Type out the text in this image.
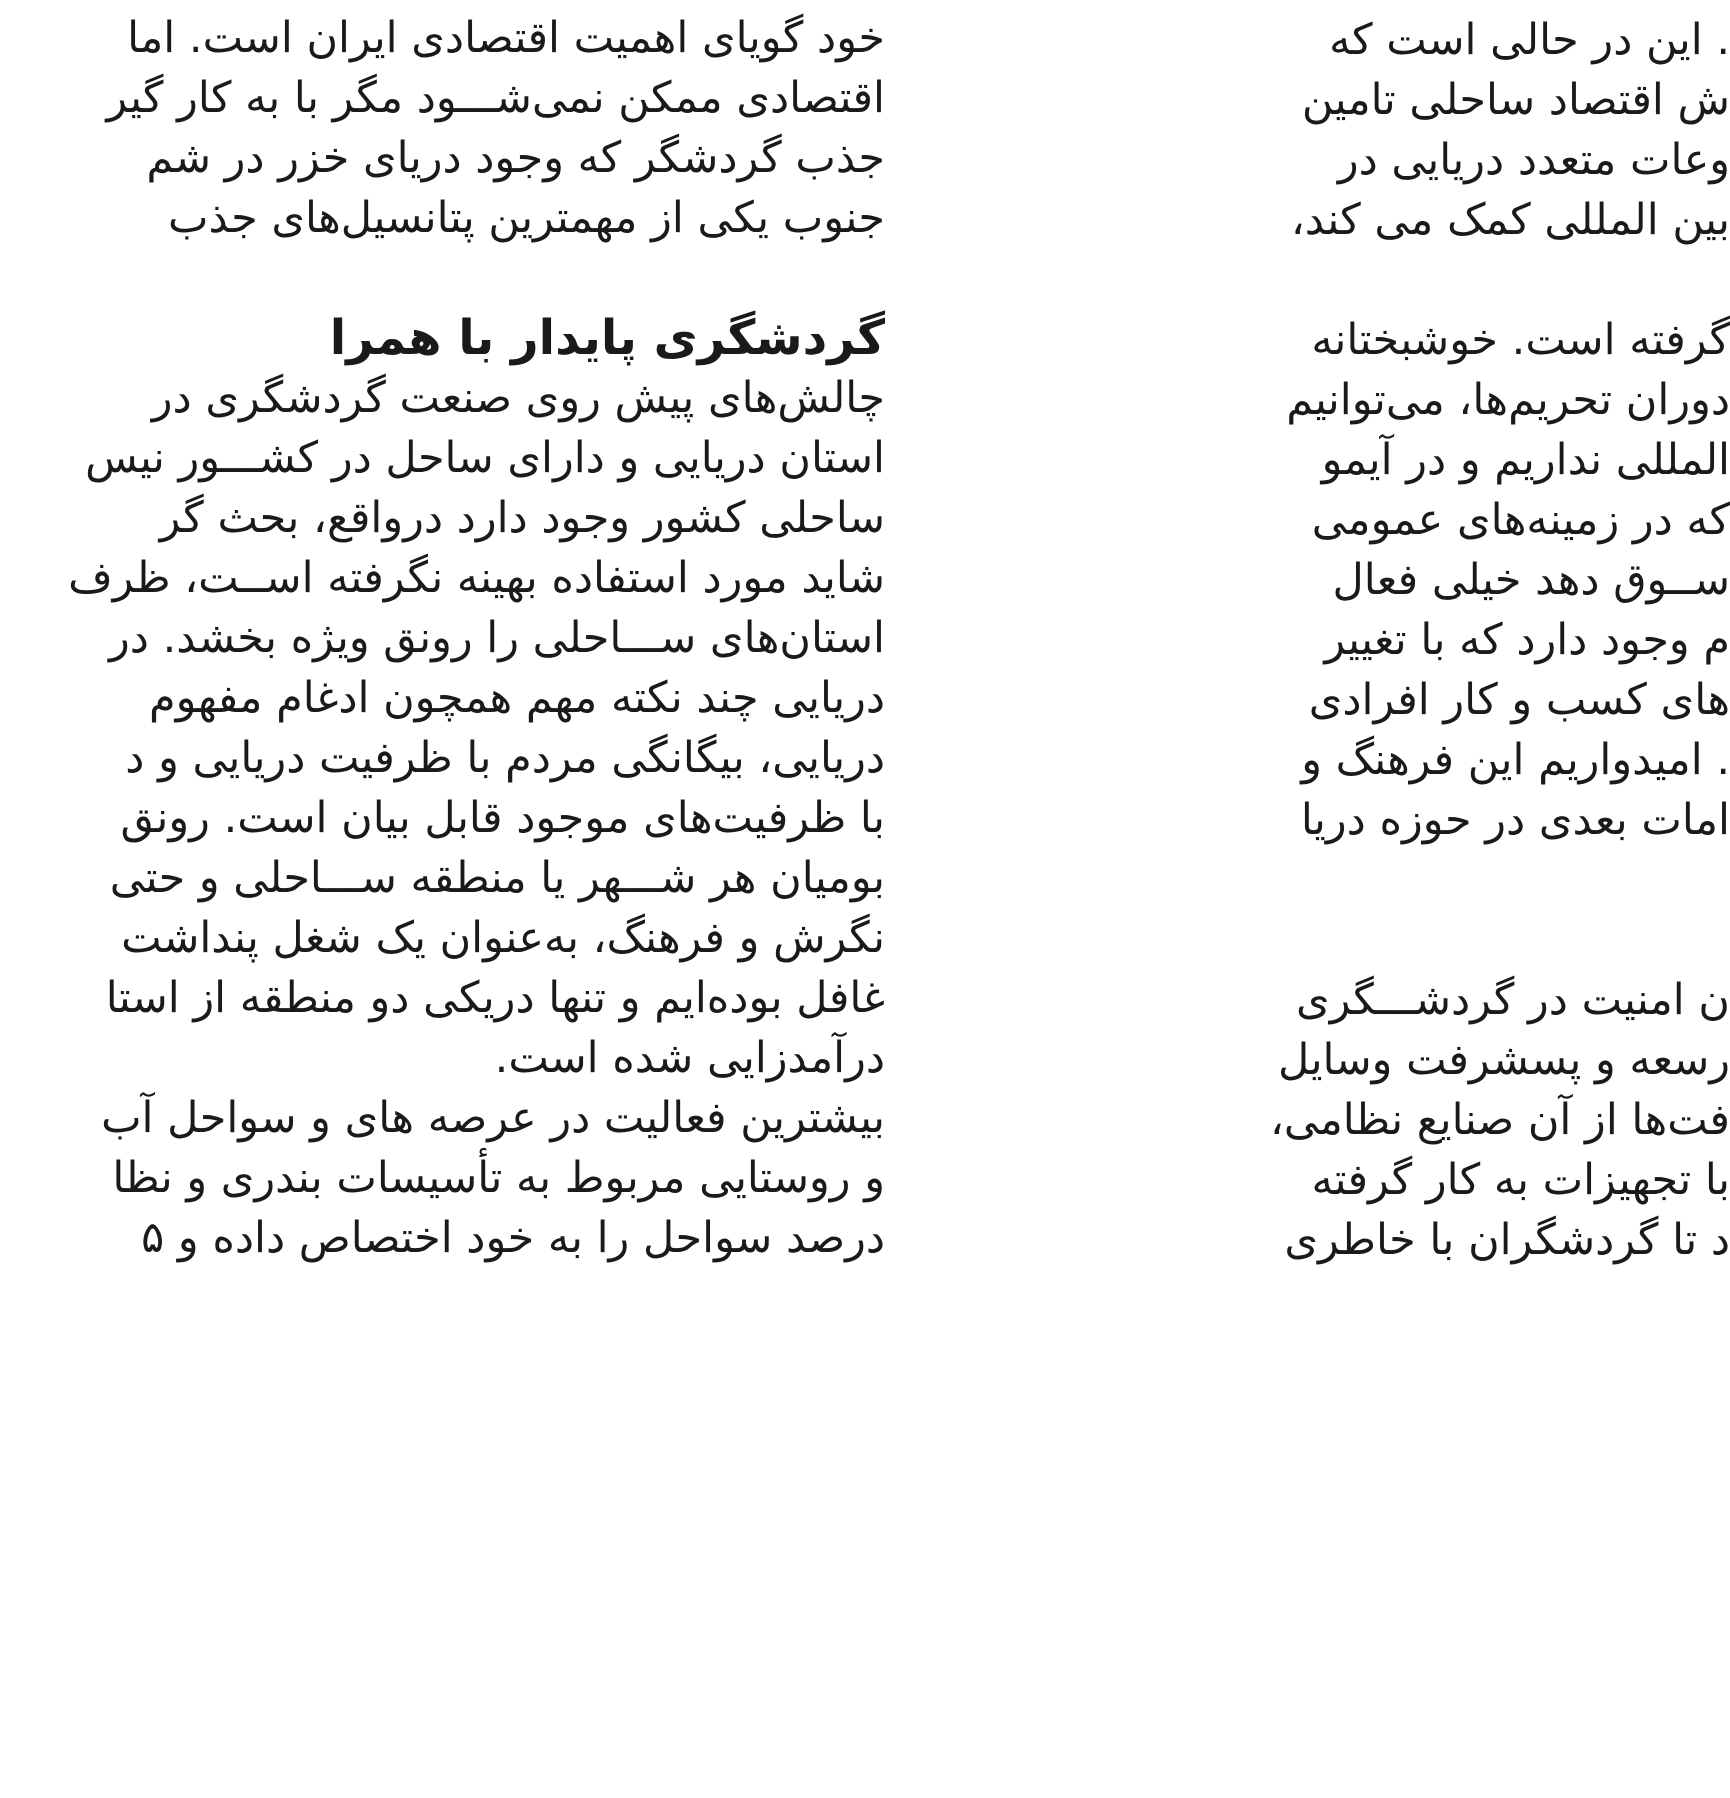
. این در حالی است که
ش اقتصاد ساحلی تامین
وعات متعدد دریایی در
بین المللی کمک می کند،
گرفته است. خوشبختانه
دوران تحریم‌ها، می‌توانیم
المللی نداریم و در آیمو
که در زمینه‌های عمومی
ســوق دهد خیلی فعال
م وجود دارد که با تغییر
های کسب و کار افرادی
. امیدواریم این فرهنگ و
امات بعدی در حوزه دریا
ن امنیت در گردشـــگری
رسعه و پسشرفت وسایل
فت‌ها از آن صنایع نظامی،
با تجهیزات به کار گرفته
د تا گردشگران با خاطری
خود گویای اهمیت اقتصادی ایران است. اما
اقتصادی ممکن نمی‌شـــود مگر با به کار گیر
جذب گردشگر که وجود دریای خزر در شم
جنوب یکی از مهمترین پتانسیل‌های جذب
گردشگری پایدار با همرا
چالش‌های پیش روی صنعت گردشگری در
استان دریایی و دارای ساحل در کشـــور نیس
ساحلی کشور وجود دارد درواقع، بحث گر
شاید مورد استفاده بهینه نگرفته اســت، ظرف
استان‌های ســـاحلی را رونق ویژه بخشد. در
دریایی چند نکته مهم همچون ادغام مفهوم
دریایی، بیگانگی مردم با ظرفیت دریایی و د
با ظرفیت‌های موجود قابل بیان است. رونق
بومیان هر شـــهر یا منطقه ســـاحلی و حتی
نگرش و فرهنگ، به‌عنوان یک شغل پنداشت
غافل بوده‌ایم و تنها دریکی دو منطقه از استا
درآمدزایی شده است.
بیشترین فعالیت در عرصه های و سواحل آب
و روستایی مربوط به تأسیسات بندری و نظا
درصد سواحل را به خود اختصاص داده و ۵
